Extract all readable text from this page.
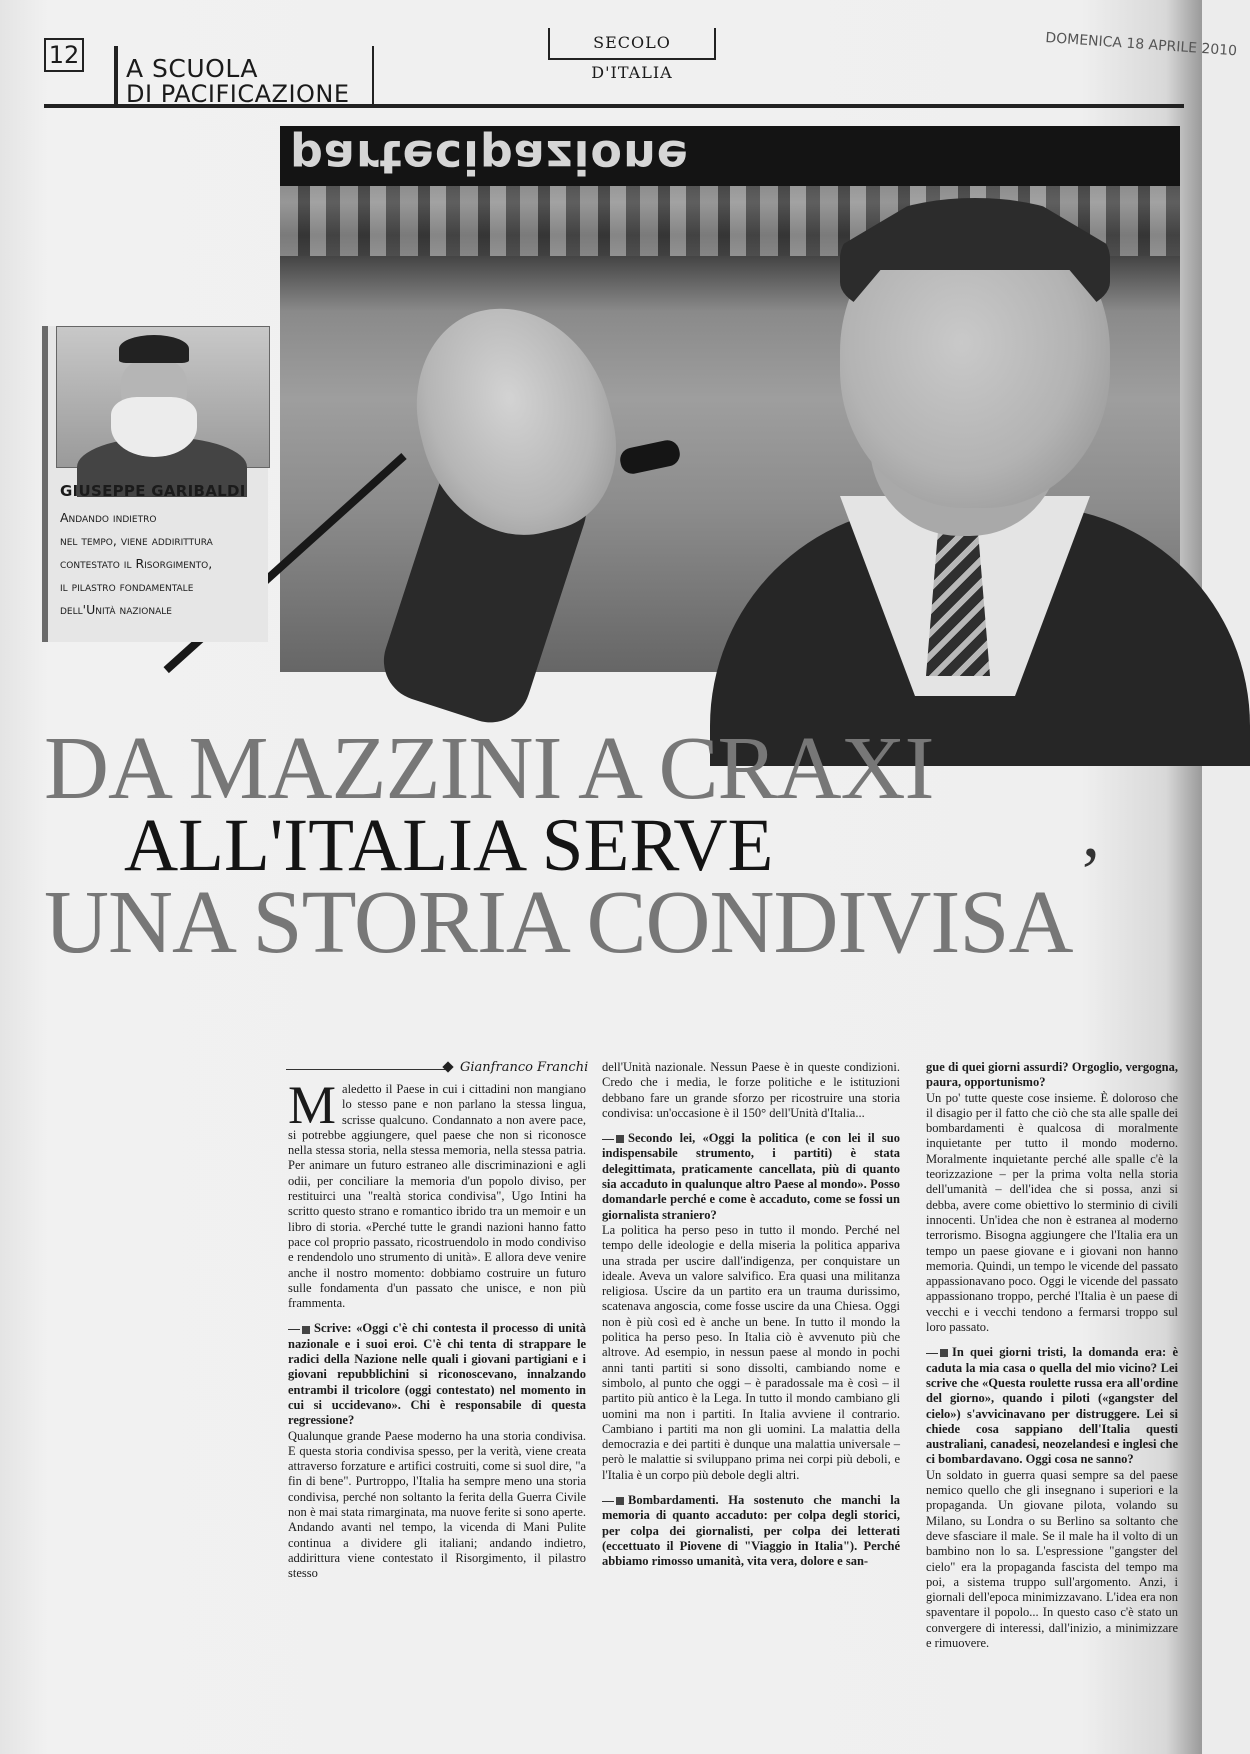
12 A SCUOLA
DI PACIFICAZIONE
SECOLO D'ITALIA
DOMENICA 18 APRILE 2010
partecipazione
GIUSEPPE GARIBALDI
Andando indietro
nel tempo, viene addirittura
contestato il Risorgimento,
il pilastro fondamentale
dell'Unità nazionale
DA MAZZINI A CRAXI
,
ALL'ITALIA SERVE
UNA STORIA CONDIVISA
Gianfranco Franchi

Maledetto il Paese in cui i cittadini non mangiano lo stesso pane e non parlano la stessa lingua, scrisse qualcuno. Condannato a non avere pace, si potrebbe aggiungere, quel paese che non si riconosce nella stessa storia, nella stessa memoria, nella stessa patria. Per animare un futuro estraneo alle discriminazioni e agli odii, per conciliare la memoria d'un popolo diviso, per restituirci una "realtà storica condivisa", Ugo Intini ha scritto questo strano e romantico ibrido tra un memoir e un libro di storia. «Perché tutte le grandi nazioni hanno fatto pace col proprio passato, ricostruendolo in modo condiviso e rendendolo uno strumento di unità». E allora deve venire anche il nostro momento: dobbiamo costruire un futuro sulle fondamenta d'un passato che unisce, e non più frammenta.

Scrive: «Oggi c'è chi contesta il processo di unità nazionale e i suoi eroi. C'è chi tenta di strappare le radici della Nazione nelle quali i giovani partigiani e i giovani repubblichini si riconoscevano, innalzando entrambi il tricolore (oggi contestato) nel momento in cui si uccidevano». Chi è responsabile di questa regressione?

Qualunque grande Paese moderno ha una storia condivisa. E questa storia condivisa spesso, per la verità, viene creata attraverso forzature e artifici costruiti, come si suol dire, "a fin di bene". Purtroppo, l'Italia ha sempre meno una storia condivisa, perché non soltanto la ferita della Guerra Civile non è mai stata rimarginata, ma nuove ferite si sono aperte. Andando avanti nel tempo, la vicenda di Mani Pulite continua a dividere gli italiani; andando indietro, addirittura viene contestato il Risorgimento, il pilastro stesso

dell'Unità nazionale. Nessun Paese è in queste condizioni. Credo che i media, le forze politiche e le istituzioni debbano fare un grande sforzo per ricostruire una storia condivisa: un'occasione è il 150° dell'Unità d'Italia...

Secondo lei, «Oggi la politica (e con lei il suo indispensabile strumento, i partiti) è stata delegittimata, praticamente cancellata, più di quanto sia accaduto in qualunque altro Paese al mondo». Posso domandarle perché e come è accaduto, come se fossi un giornalista straniero?

La politica ha perso peso in tutto il mondo. Perché nel tempo delle ideologie e della miseria la politica appariva una strada per uscire dall'indigenza, per conquistare un ideale. Aveva un valore salvifico. Era quasi una militanza religiosa. Uscire da un partito era un trauma durissimo, scatenava angoscia, come fosse uscire da una Chiesa. Oggi non è più così ed è anche un bene. In tutto il mondo la politica ha perso peso. In Italia ciò è avvenuto più che altrove. Ad esempio, in nessun paese al mondo in pochi anni tanti partiti si sono dissolti, cambiando nome e simbolo, al punto che oggi – è paradossale ma è così – il partito più antico è la Lega. In tutto il mondo cambiano gli uomini ma non i partiti. In Italia avviene il contrario. Cambiano i partiti ma non gli uomini. La malattia della democrazia e dei partiti è dunque una malattia universale – però le malattie si sviluppano prima nei corpi più deboli, e l'Italia è un corpo più debole degli altri.

Bombardamenti. Ha sostenuto che manchi la memoria di quanto accaduto: per colpa degli storici, per colpa dei giornalisti, per colpa dei letterati (eccettuato il Piovene di "Viaggio in Italia"). Perché abbiamo rimosso umanità, vita vera, dolore e san-

gue di quei giorni assurdi? Orgoglio, vergogna, paura, opportunismo?

Un po' tutte queste cose insieme. È doloroso che il disagio per il fatto che ciò che sta alle spalle dei bombardamenti è qualcosa di moralmente inquietante per tutto il mondo moderno. Moralmente inquietante perché alle spalle c'è la teorizzazione – per la prima volta nella storia dell'umanità – dell'idea che si possa, anzi si debba, avere come obiettivo lo sterminio di civili innocenti. Un'idea che non è estranea al moderno terrorismo. Bisogna aggiungere che l'Italia era un tempo un paese giovane e i giovani non hanno memoria. Quindi, un tempo le vicende del passato appassionavano poco. Oggi le vicende del passato appassionano troppo, perché l'Italia è un paese di vecchi e i vecchi tendono a fermarsi troppo sul loro passato.

In quei giorni tristi, la domanda era: è caduta la mia casa o quella del mio vicino? Lei scrive che «Questa roulette russa era all'ordine del giorno», quando i piloti («gangster del cielo») s'avvicinavano per distruggere. Lei si chiede cosa sappiano dell'Italia questi australiani, canadesi, neozelandesi e inglesi che ci bombardavano. Oggi cosa ne sanno?

Un soldato in guerra quasi sempre sa del paese nemico quello che gli insegnano i superiori e la propaganda. Un giovane pilota, volando su Milano, su Londra o su Berlino sa soltanto che deve sfasciare il male. Se il male ha il volto di un bambino non lo sa. L'espressione "gangster del cielo" era la propaganda fascista del tempo ma poi, a sistema truppo sull'argomento. Anzi, i giornali dell'epoca minimizzavano. L'idea era non spaventare il popolo... In questo caso c'è stato un convergere di interessi, dall'inizio, a minimizzare e rimuovere.
